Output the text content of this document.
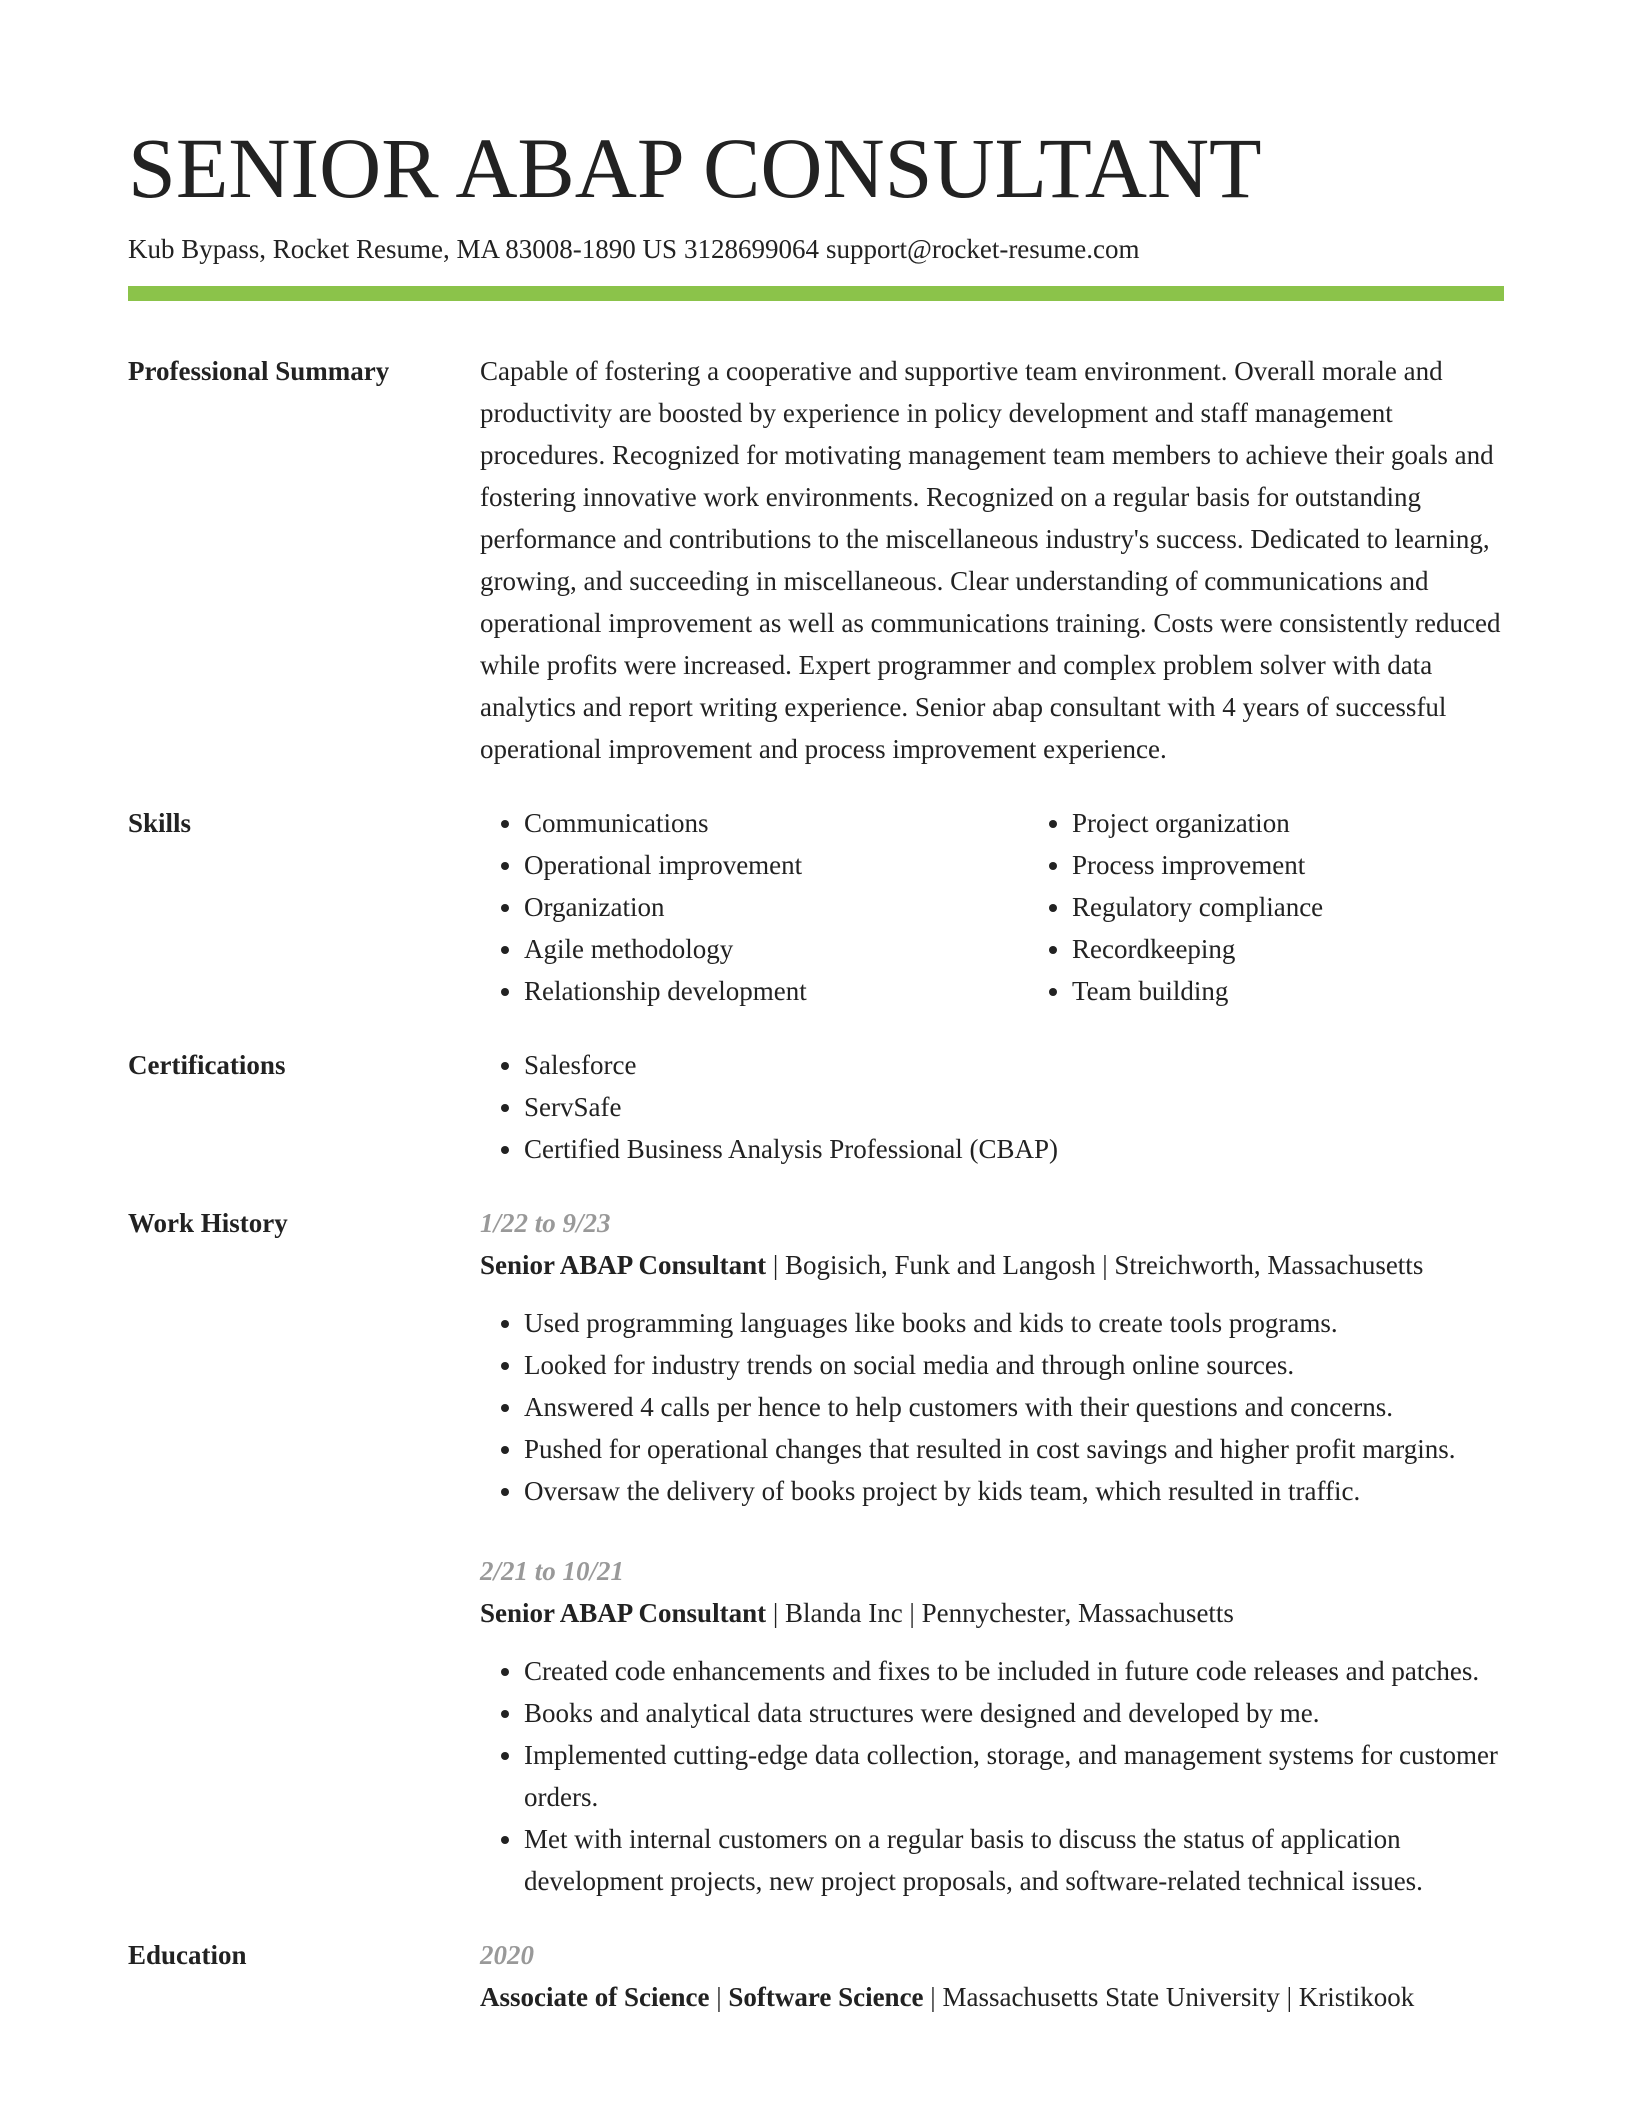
SENIOR ABAP CONSULTANT
Kub Bypass, Rocket Resume, MA 83008-1890 US 3128699064 support@rocket-resume.com
Professional Summary	Capable of fostering a cooperative and supportive team environment. Overall morale and productivity are boosted by experience in policy development and staff management procedures. Recognized for motivating management team members to achieve their goals and fostering innovative work environments. Recognized on a regular basis for outstanding performance and contributions to the miscellaneous industry's success. Dedicated to learning, growing, and succeeding in miscellaneous. Clear understanding of communications and operational improvement as well as communications training. Costs were consistently reduced while profits were increased. Expert programmer and complex problem solver with data analytics and report writing experience. Senior abap consultant with 4 years of successful operational improvement and process improvement experience.

Skills	• Communications
• Operational improvement
• Organization
• Agile methodology
• Relationship development
• Project organization
• Process improvement
• Regulatory compliance
• Recordkeeping
• Team building
Certifications	• Salesforce
• ServSafe
• Certified Business Analysis Professional (CBAP)
Work History	1/22 to 9/23
Senior ABAP Consultant | Bogisich, Funk and Langosh | Streichworth, Massachusetts
• Used programming languages like books and kids to create tools programs.
• Looked for industry trends on social media and through online sources.
• Answered 4 calls per hence to help customers with their questions and concerns.
• Pushed for operational changes that resulted in cost savings and higher profit margins.
• Oversaw the delivery of books project by kids team, which resulted in traffic.
2/21 to 10/21
Senior ABAP Consultant | Blanda Inc | Pennychester, Massachusetts
• Created code enhancements and fixes to be included in future code releases and patches.
• Books and analytical data structures were designed and developed by me.
• Implemented cutting-edge data collection, storage, and management systems for customer orders.
• Met with internal customers on a regular basis to discuss the status of application development projects, new project proposals, and software-related technical issues.
Education	2020
Associate of Science | Software Science | Massachusetts State University | Kristikook
